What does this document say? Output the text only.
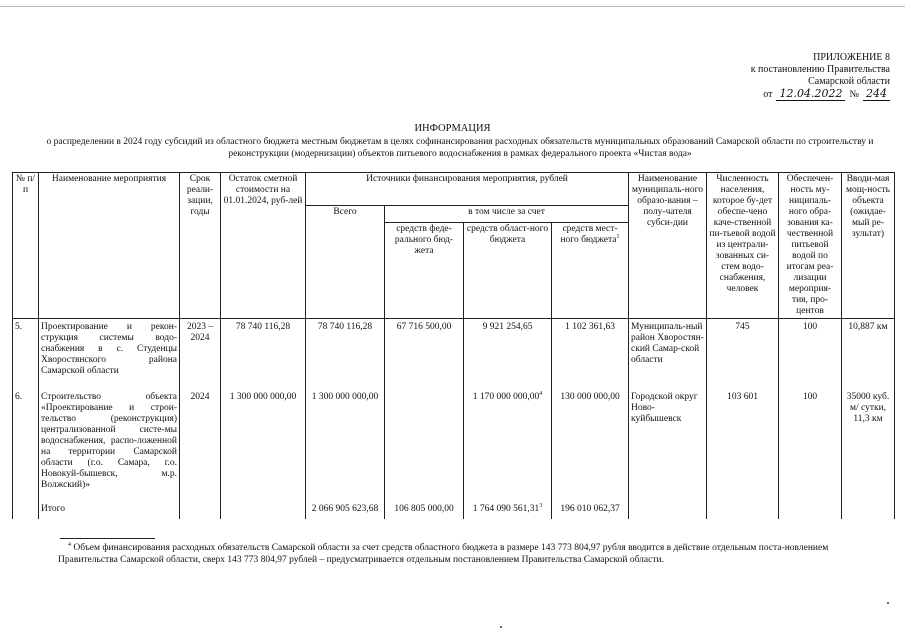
ПРИЛОЖЕНИЕ 8
к постановлению Правительства
Самарской области
от 12.04.2022 № 244
ИНФОРМАЦИЯ
о распределении в 2024 году субсидий из областного бюджета местным бюджетам в целях софинансирования расходных обязательств муниципальных образований Самарской области по строительству и реконструкции (модернизации) объектов питьевого водоснабжения в рамках федерального проекта «Чистая вода»
№ п/п	Наименование мероприятия	Срок реали-зации, годы	Остаток сметной стоимости на 01.01.2024, руб-лей	Источники финансирования мероприятия, рублей				Наименование муниципаль-ного образо-вания – полу-чателя субси-дии	Численность населения, которое бу-дет обеспе-чено каче-ственной пи-тьевой водой из централи-зованных си-стем водо-снабжения, человек	Обеспечен-ность му-ниципаль-ного обра-зования ка-чественной питьевой водой по итогам реа-лизации мероприя-тия, про-центов	Вводи-мая мощ-ность объекта (ожидае-мый ре-зультат)
				Всего	в том числе за счет						
					средств феде-рального бюд-жета	средств област-ного бюджета	средств мест-ного бюджета$^1$
5.	Проектирование и рекон-струкция системы водо-снабжения в с. Студенцы Хворостянского района Самарской области	2023 – 2024	78 740 116,28	78 740 116,28	67 716 500,00	9 921 254,65	1 102 361,63	Муниципаль-ный район Хворостян-ский Самар-ской области	745	100	10,887 км
6.	Строительство объекта «Проектирование и строи-тельство (реконструкция) централизованной систе-мы водоснабжения, распо-ложенной на территории Самарской области (г.о. Самара, г.о. Новокуй-бышевск, м.р. Волжский)»	2024	1 300 000 000,00	1 300 000 000,00		1 170 000 000,00$^4$	130 000 000,00	Городской округ Ново-куйбышевск	103 601	100	35000 куб. м/ сутки, 11,3 км
	Итого			2 066 905 623,68	106 805 000,00	1 764 090 561,31$^3$	196 010 062,37				
$^4$ Объем финансирования расходных обязательств Самарской области за счет средств областного бюджета в размере 143 773 804,97 рубля вводится в действие отдельным поста-новлением Правительства Самарской области, сверх 143 773 804,97 рублей – предусматривается отдельным постановлением Правительства Самарской области.
